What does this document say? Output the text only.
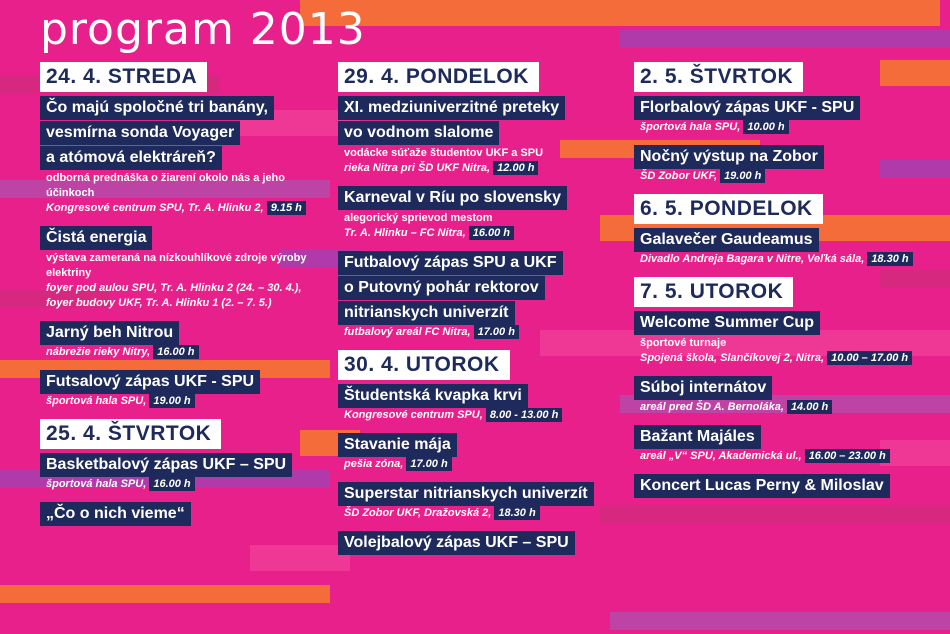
program 2013
24. 4. STREDA
Čo majú spoločné tri banány,
vesmírna sonda Voyager
a atómová elektráreň?
odborná prednáška o žiarení okolo nás a jeho účinkoch
Kongresové centrum SPU, Tr. A. Hlinku 2, 9.15 h
Čistá energia
výstava zameraná na nízkouhlíkové zdroje výroby elektriny
foyer pod aulou SPU, Tr. A. Hlinku 2 (24. – 30. 4.), foyer budovy UKF, Tr. A. Hlinku 1 (2. – 7. 5.)
Jarný beh Nitrou
nábrežie rieky Nitry, 16.00 h
Futsalový zápas UKF - SPU
športová hala SPU, 19.00 h
25. 4. ŠTVRTOK
Basketbalový zápas UKF – SPU
športová hala SPU, 16.00 h
„Čo o nich vieme“
29. 4. PONDELOK
XI. medziuniverzitné preteky
vo vodnom slalome
vodácke súťaže študentov UKF a SPU
rieka Nitra pri ŠD UKF Nitra, 12.00 h
Karneval v Ríu po slovensky
alegorický sprievod mestom
Tr. A. Hlinku – FC Nitra, 16.00 h
Futbalový zápas SPU a UKF
o Putovný pohár rektorov
nitrianskych univerzít
futbalový areál FC Nitra, 17.00 h
30. 4. UTOROK
Študentská kvapka krvi
Kongresové centrum SPU, 8.00 - 13.00 h
Stavanie mája
pešia zóna, 17.00 h
Superstar nitrianskych univerzít
ŠD Zobor UKF, Dražovská 2, 18.30 h
Volejbalový zápas UKF – SPU
2. 5. ŠTVRTOK
Florbalový zápas UKF - SPU
športová hala SPU, 10.00 h
Nočný výstup na Zobor
ŠD Zobor UKF, 19.00 h
6. 5. PONDELOK
Galavečer Gaudeamus
Divadlo Andreja Bagara v Nitre, Veľká sála, 18.30 h
7. 5. UTOROK
Welcome Summer Cup
športové turnaje
Spojená škola, Slančíkovej 2, Nitra, 10.00 – 17.00 h
Súboj internátov
areál pred ŠD A. Bernoláka, 14.00 h
Bažant Majáles
areál „V“ SPU, Akademická ul., 16.00 – 23.00 h
Koncert Lucas Perny & Miloslav
